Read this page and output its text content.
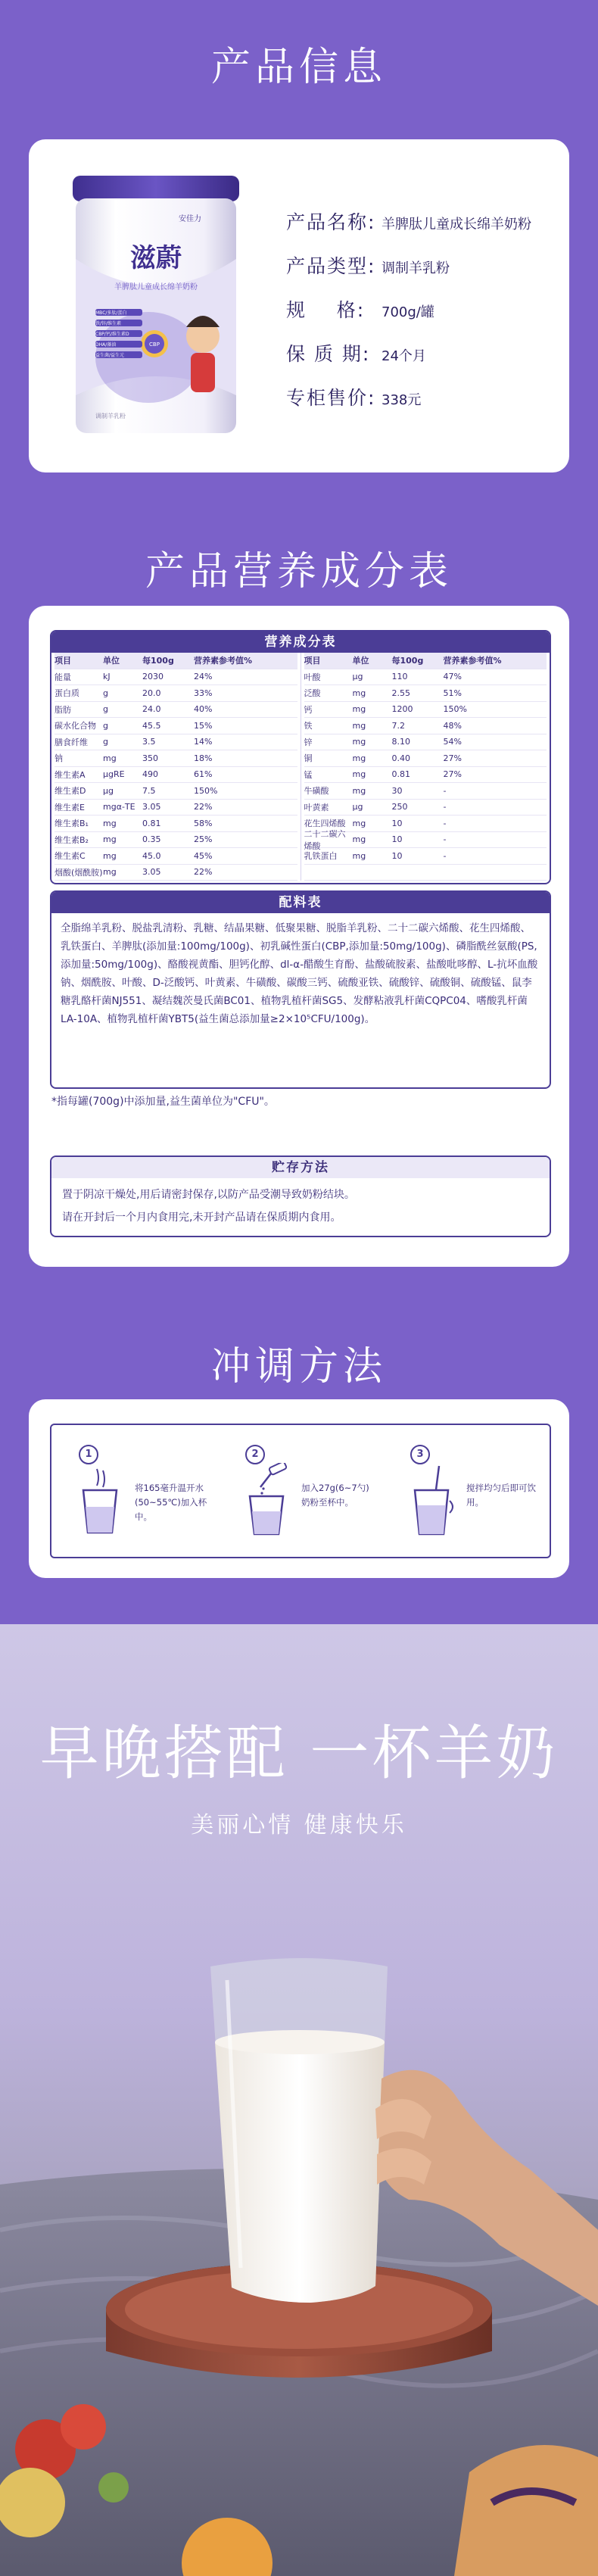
产品信息
MBC/多肽/蛋白
铁/锌/维生素
CBP/钙/维生素D
DHA/藻油
益生菌/益生元
CBP
安佳力
滋蔚
羊脾肽儿童成长绵羊奶粉
调制羊乳粉
产品名称: 羊脾肽儿童成长绵羊奶粉
产品类型: 调制羊乳粉
规    格:	700g/罐
保 质 期: 24个月
专柜售价: 338元
产品营养成分表
营养成分表
项目	单位	每100g	营养素参考值%
能量	kJ	2030	24%
蛋白质	g	20.0	33%
脂肪	g	24.0	40%
碳水化合物 g	45.5	15%
膳食纤维	g	3.5	14%
钠	mg	350	18%
维生素A	μgRE	490	61%
维生素D	μg	7.5	150%
维生素E	mgα-TE 3.05	22%
维生素B₁	mg	0.81	58%
维生素B₂	mg	0.35	25%
维生素C	mg	45.0	45%
烟酸(烟酰胺) mg	3.05	22%
项目	单位	每100g	营养素参考值%
叶酸	μg	110	47%
泛酸	mg	2.55	51%
钙	mg	1200	150%
铁	mg	7.2	48%
锌	mg	8.10	54%
铜	mg	0.40	27%
锰	mg	0.81	27%
牛磺酸	mg	30	-
叶黄素	μg	250	-
花生四烯酸 mg	10	-
二十二碳六烯酸
mg	10	-
乳铁蛋白	mg	10	-
配料表
全脂绵羊乳粉、脱盐乳清粉、乳糖、结晶果糖、低聚果糖、脱脂羊乳粉、二十二碳六烯酸、花生四烯酸、乳铁蛋白、羊脾肽(添加量:100mg/100g)、初乳碱性蛋白(CBP,添加量:50mg/100g)、磷脂酰丝氨酸(PS,添加量:50mg/100g)、酪酸视黄酯、胆钙化醇、dl-α-醋酸生育酚、盐酸硫胺素、盐酸吡哆醇、L-抗坏血酸钠、烟酰胺、叶酸、D-泛酸钙、叶黄素、牛磺酸、碳酸三钙、硫酸亚铁、硫酸锌、硫酸铜、硫酸锰、鼠李糖乳酪杆菌NJ551、凝结魏茨曼氏菌BC01、植物乳植杆菌SG5、发酵粘液乳杆菌CQPC04、嗜酸乳杆菌LA-10A、植物乳植杆菌YBT5(益生菌总添加量≥2×10⁵CFU/100g)。
*指每罐(700g)中添加量,益生菌单位为"CFU"。
贮存方法
置于阴凉干燥处,用后请密封保存,以防产品受潮导致奶粉结块。
请在开封后一个月内食用完,未开封产品请在保质期内食用。
冲调方法
1
将165毫升温开水(50~55℃)加入杯中。
2
加入27g(6~7勺)奶粉至杯中。
3
搅拌均匀后即可饮用。
早晚搭配 一杯羊奶
美丽心情 健康快乐
